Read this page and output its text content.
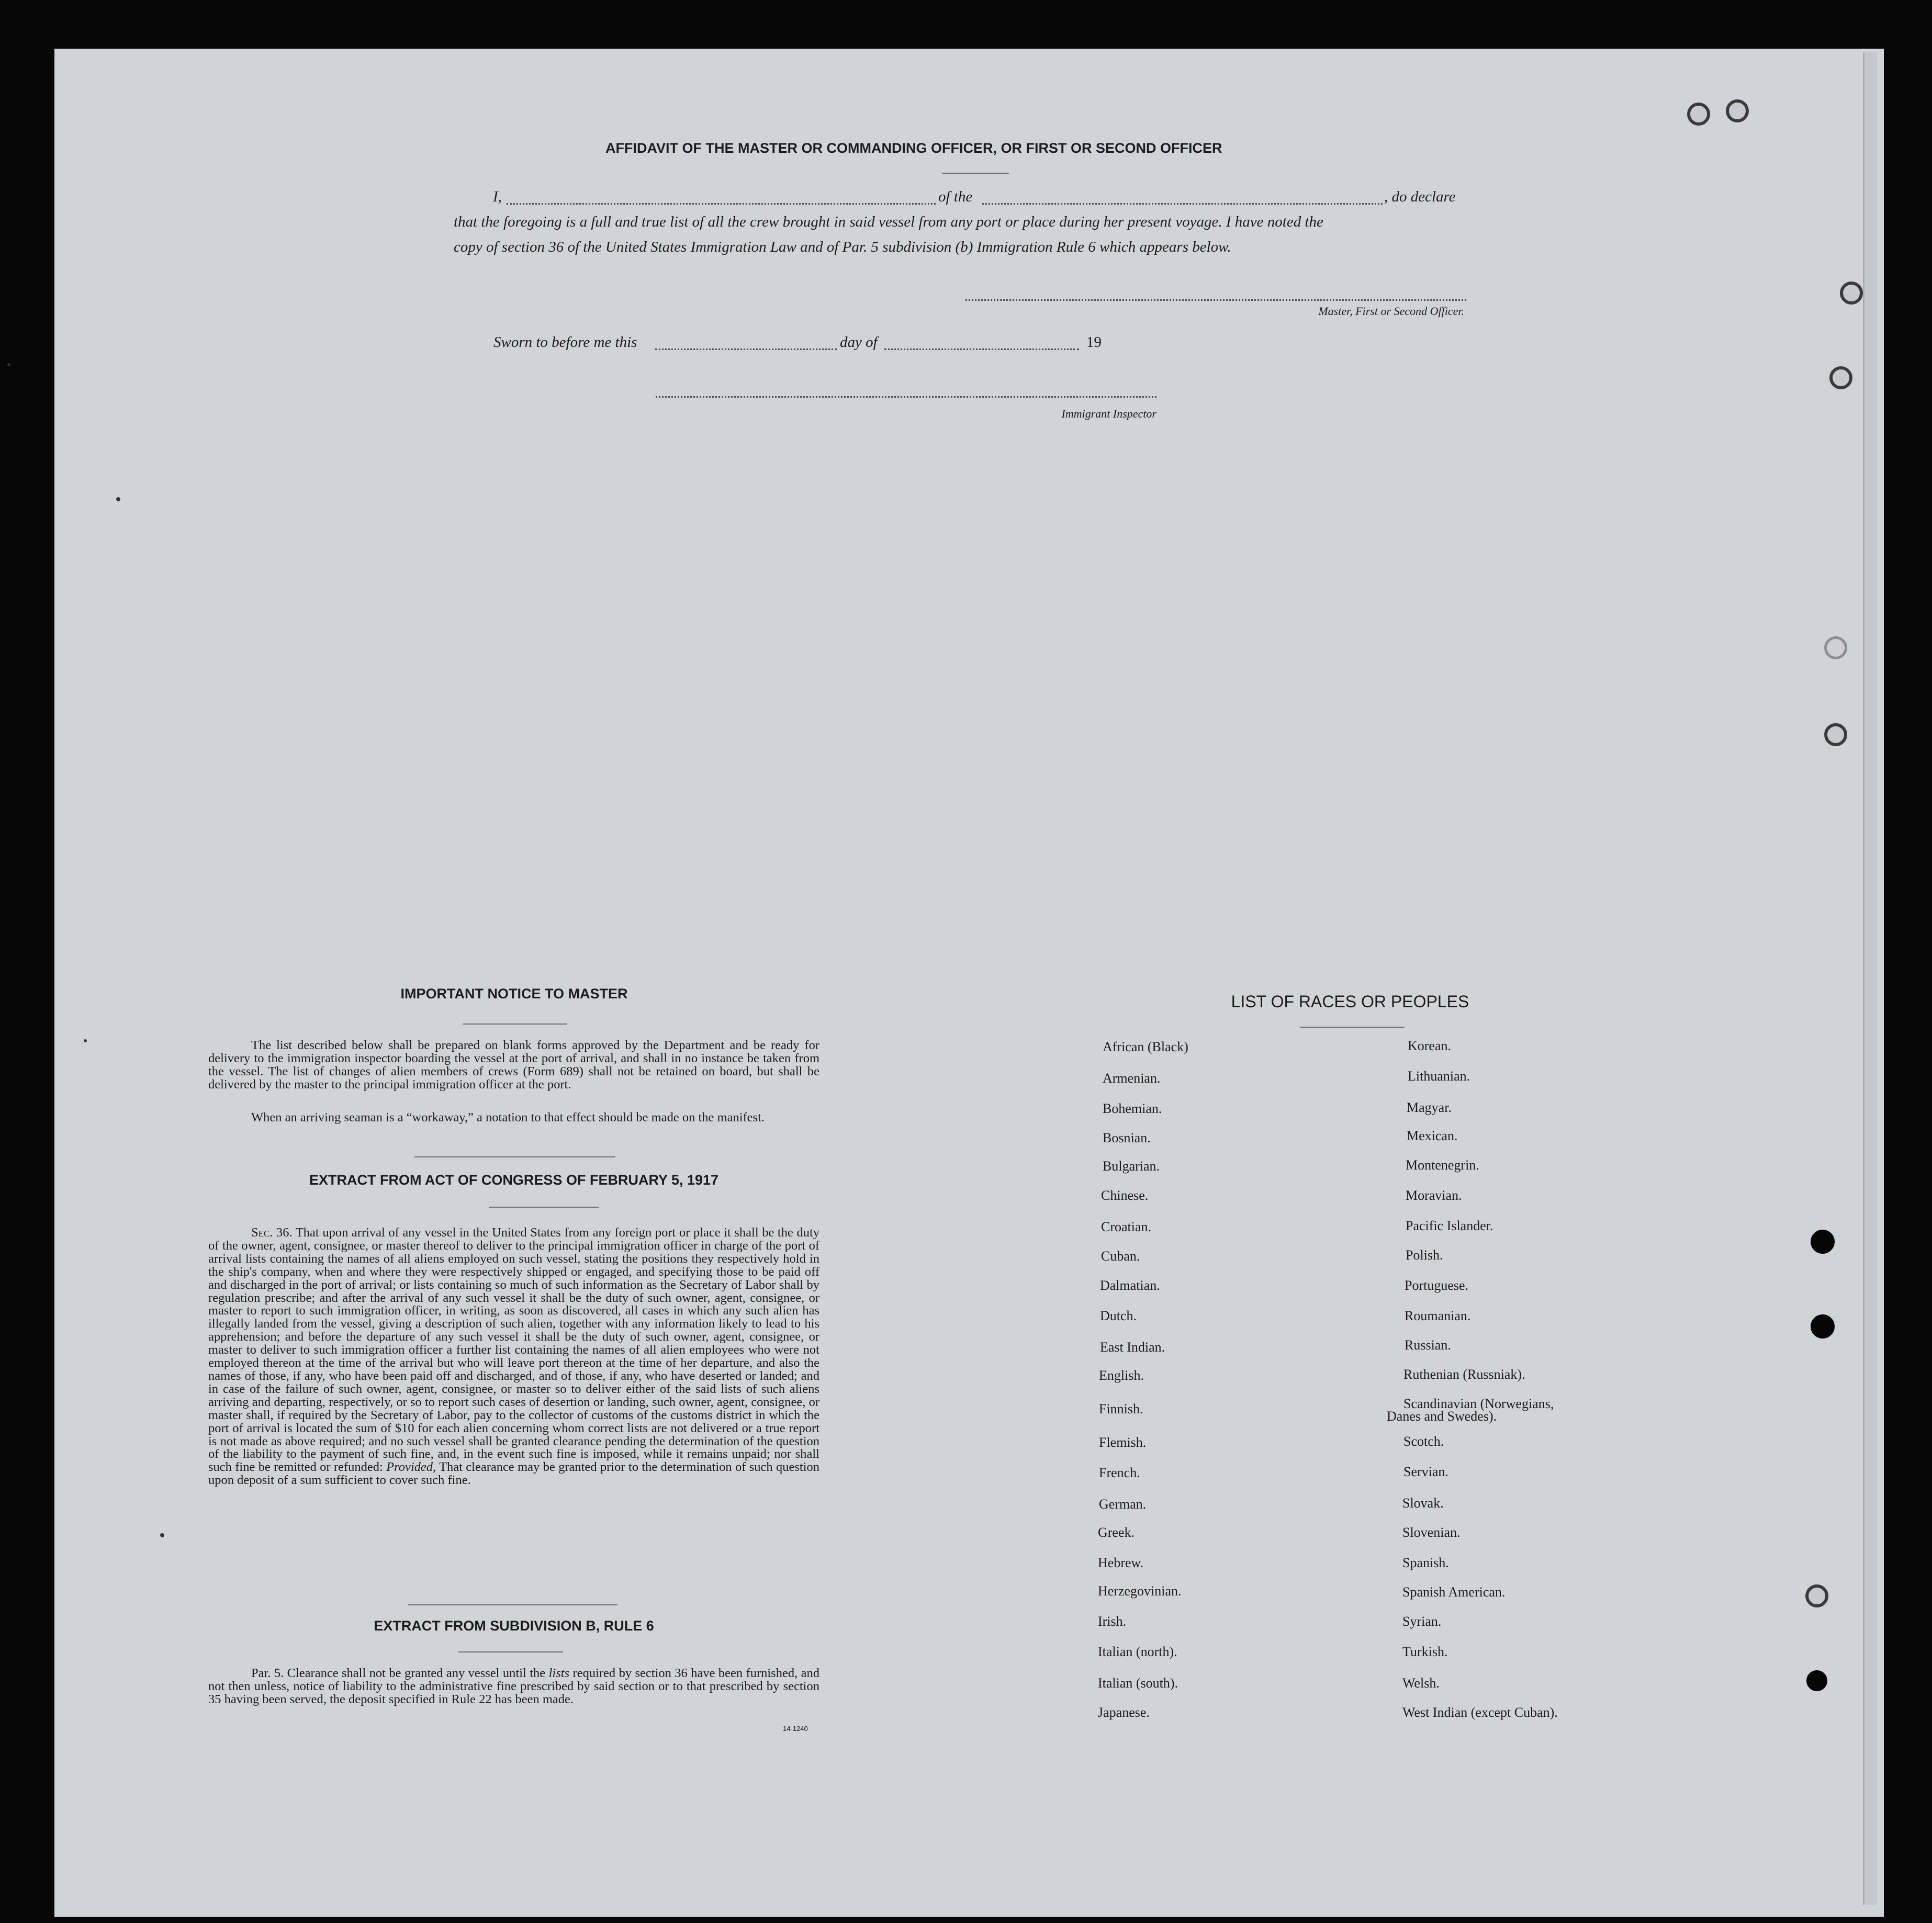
AFFIDAVIT OF THE MASTER OR COMMANDING OFFICER, OR FIRST OR SECOND OFFICER
I,	of the	, do declare
that the foregoing is a full and true list of all the crew brought in said vessel from any port or place during her present voyage. I have noted the
copy of section 36 of the United States Immigration Law and of Par. 5 subdivision (b) Immigration Rule 6 which appears below.
Master, First or Second Officer.
Sworn to before me this	day of	19
Immigrant Inspector
IMPORTANT NOTICE TO MASTER
The list described below shall be prepared on blank forms approved by the Department and be ready for delivery to the immigration inspector boarding the vessel at the port of arrival, and shall in no instance be taken from the vessel. The list of changes of alien members of crews (Form 689) shall not be retained on board, but shall be delivered by the master to the principal immigration officer at the port.
When an arriving seaman is a “workaway,” a notation to that effect should be made on the manifest.
EXTRACT FROM ACT OF CONGRESS OF FEBRUARY 5, 1917
Sec. 36. That upon arrival of any vessel in the United States from any foreign port or place it shall be the duty of the owner, agent, consignee, or master thereof to deliver to the principal immigration officer in charge of the port of arrival lists containing the names of all aliens employed on such vessel, stating the positions they respectively hold in the ship's company, when and where they were respectively shipped or engaged, and specifying those to be paid off and discharged in the port of arrival; or lists containing so much of such information as the Secretary of Labor shall by regulation prescribe; and after the arrival of any such vessel it shall be the duty of such owner, agent, consignee, or master to report to such immigration officer, in writing, as soon as discovered, all cases in which any such alien has illegally landed from the vessel, giving a description of such alien, together with any information likely to lead to his apprehension; and before the departure of any such vessel it shall be the duty of such owner, agent, consignee, or master to deliver to such immigration officer a further list containing the names of all alien employees who were not employed thereon at the time of the arrival but who will leave port thereon at the time of her departure, and also the names of those, if any, who have been paid off and discharged, and of those, if any, who have deserted or landed; and in case of the failure of such owner, agent, consignee, or master so to deliver either of the said lists of such aliens arriving and departing, respectively, or so to report such cases of desertion or landing, such owner, agent, consignee, or master shall, if required by the Secretary of Labor, pay to the collector of customs of the customs district in which the port of arrival is located the sum of $10 for each alien concerning whom correct lists are not delivered or a true report is not made as above required; and no such vessel shall be granted clearance pending the determination of the question of the liability to the payment of such fine, and, in the event such fine is imposed, while it remains unpaid; nor shall such fine be remitted or refunded: Provided, That clearance may be granted prior to the determination of such question upon deposit of a sum sufficient to cover such fine.
EXTRACT FROM SUBDIVISION B, RULE 6
Par. 5. Clearance shall not be granted any vessel until the lists required by section 36 have been furnished, and not then unless, notice of liability to the administrative fine prescribed by said section or to that prescribed by section 35 having been served, the deposit specified in Rule 22 has been made.
14-1240
LIST OF RACES OR PEOPLES
African (Black)
Armenian.
Bohemian.
Bosnian.
Bulgarian.
Chinese.
Croatian.
Cuban.
Dalmatian.
Dutch.
East Indian.
English.
Finnish.
Flemish.
French.
German.
Greek.
Hebrew.
Herzegovinian.
Irish.
Italian (north).
Italian (south).
Japanese.
Korean.
Lithuanian.
Magyar.
Mexican.
Montenegrin.
Moravian.
Pacific Islander.
Polish.
Portuguese.
Roumanian.
Russian.
Ruthenian (Russniak).
Scandinavian (Norwegians,
Scotch.
Servian.
Slovak.
Slovenian.
Spanish.
Spanish American.
Syrian.
Turkish.
Welsh.
West Indian (except Cuban).
Danes and Swedes).
